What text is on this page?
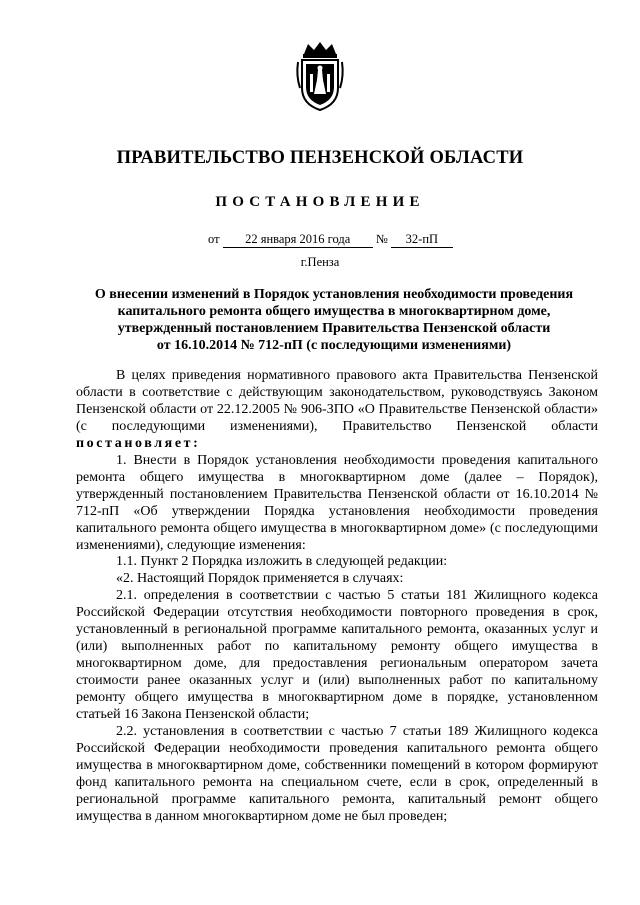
ПРАВИТЕЛЬСТВО ПЕНЗЕНСКОЙ ОБЛАСТИ
ПОСТАНОВЛЕНИЕ
от 22 января 2016 года № 32-пП
г.Пенза
О внесении изменений в Порядок установления необходимости проведения
капитального ремонта общего имущества в многоквартирном доме,
утвержденный постановлением Правительства Пензенской области
от 16.10.2014 № 712-пП (с последующими изменениями)

В целях приведения нормативного правового акта Правительства Пензенской области в соответствие с действующим законодательством, руководствуясь Законом Пензенской области от 22.12.2005 № 906-ЗПО «О Правительстве Пензенской области» (с последующими изменениями), Правительство Пензенской области постановляет:

1. Внести в Порядок установления необходимости проведения капитального ремонта общего имущества в многоквартирном доме (далее – Порядок), утвержденный постановлением Правительства Пензенской области от 16.10.2014 № 712-пП «Об утверждении Порядка установления необходимости проведения капитального ремонта общего имущества в многоквартирном доме» (с последующими изменениями), следующие изменения:

1.1. Пункт 2 Порядка изложить в следующей редакции:

«2. Настоящий Порядок применяется в случаях:

2.1. определения в соответствии с частью 5 статьи 181 Жилищного кодекса Российской Федерации отсутствия необходимости повторного проведения в срок, установленный в региональной программе капитального ремонта, оказанных услуг и (или) выполненных работ по капитальному ремонту общего имущества в многоквартирном доме, для предоставления региональным оператором зачета стоимости ранее оказанных услуг и (или) выполненных работ по капитальному ремонту общего имущества в многоквартирном доме в порядке, установленном статьей 16 Закона Пензенской области;

2.2. установления в соответствии с частью 7 статьи 189 Жилищного кодекса Российской Федерации необходимости проведения капитального ремонта общего имущества в многоквартирном доме, собственники помещений в котором формируют фонд капитального ремонта на специальном счете, если в срок, определенный в региональной программе капитального ремонта, капитальный ремонт общего имущества в данном многоквартирном доме не был проведен;
